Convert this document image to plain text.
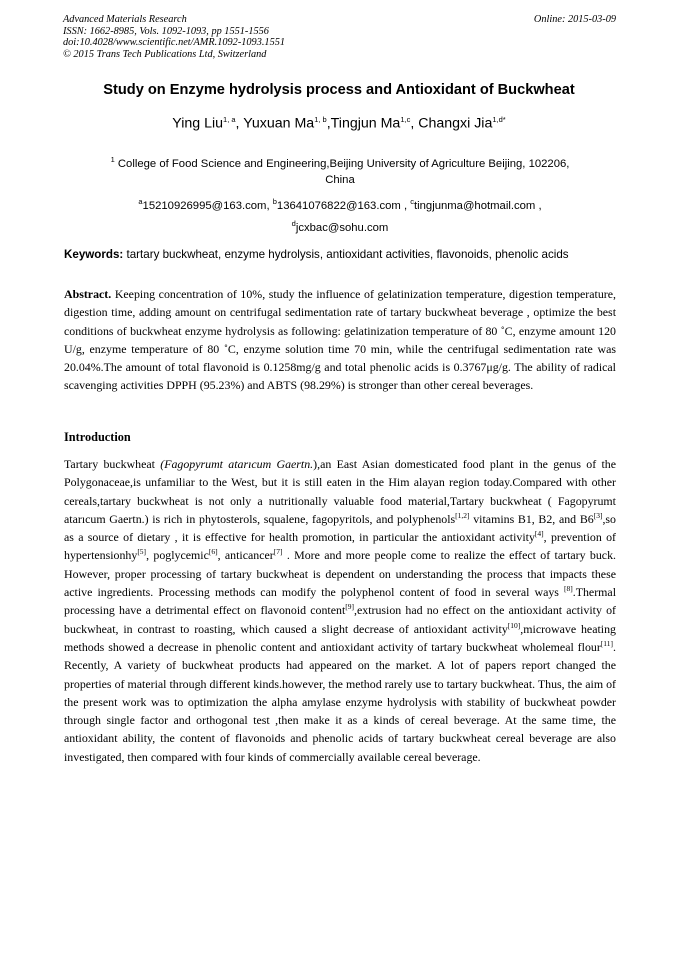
Advanced Materials Research
ISSN: 1662-8985, Vols. 1092-1093, pp 1551-1556
doi:10.4028/www.scientific.net/AMR.1092-1093.1551
© 2015 Trans Tech Publications Ltd, Switzerland
Online: 2015-03-09
Study on Enzyme hydrolysis process and Antioxidant of Buckwheat
Ying Liu$^{1, a}$, Yuxuan Ma$^{1, b}$,Tingjun Ma$^{1,c}$, Changxi Jia$^{1,d*}$
$^1$ College of Food Science and Engineering,Beijing University of Agriculture Beijing, 102206,
China
$^a$15210926995@163.com, $^b$13641076822@163.com , $^c$tingjunma@hotmail.com ,
$^d$jcxbac@sohu.com
Keywords: tartary buckwheat, enzyme hydrolysis, antioxidant activities, flavonoids, phenolic acids
Abstract. Keeping concentration of 10%, study the influence of gelatinization temperature, digestion temperature, digestion time, adding amount on centrifugal sedimentation rate of tartary buckwheat beverage , optimize the best conditions of buckwheat enzyme hydrolysis as following: gelatinization temperature of 80 ˚C, enzyme amount 120 U/g, enzyme temperature of 80 ˚C, enzyme solution time 70 min, while the centrifugal sedimentation rate was 20.04%.The amount of total flavonoid is 0.1258mg/g and total phenolic acids is 0.3767μg/g. The ability of radical scavenging activities DPPH (95.23%) and ABTS (98.29%) is stronger than other cereal beverages.
Introduction
Tartary buckwheat (Fagopyrumt atarıcum Gaertn.),an East Asian domesticated food plant in the genus of the Polygonaceae,is unfamiliar to the West, but it is still eaten in the Him alayan region today.Compared with other cereals,tartary buckwheat is not only a nutritionally valuable food material,Tartary buckwheat ( Fagopyrumt atarıcum Gaertn.) is rich in phytosterols, squalene, fagopyritols, and polyphenols[1,2] vitamins B1, B2, and B6[3],so as a source of dietary , it is effective for health promotion, in particular the antioxidant activity[4], prevention of hypertensionhy[5], poglycemic[6], anticancer[7] . More and more people come to realize the effect of tartary buck. However, proper processing of tartary buckwheat is dependent on understanding the process that impacts these active ingredients. Processing methods can modify the polyphenol content of food in several ways [8].Thermal processing have a detrimental effect on flavonoid content[9],extrusion had no effect on the antioxidant activity of buckwheat, in contrast to roasting, which caused a slight decrease of antioxidant activity[10],microwave heating methods showed a decrease in phenolic content and antioxidant activity of tartary buckwheat wholemeal flour[11]. Recently, A variety of buckwheat products had appeared on the market. A lot of papers report changed the properties of material through different kinds.however, the method rarely use to tartary buckwheat. Thus, the aim of the present work was to optimization the alpha amylase enzyme hydrolysis with stability of buckwheat powder through single factor and orthogonal test ,then make it as a kinds of cereal beverage. At the same time, the antioxidant ability, the content of flavonoids and phenolic acids of tartary buckwheat cereal beverage are also investigated, then compared with four kinds of commercially available cereal beverage.
